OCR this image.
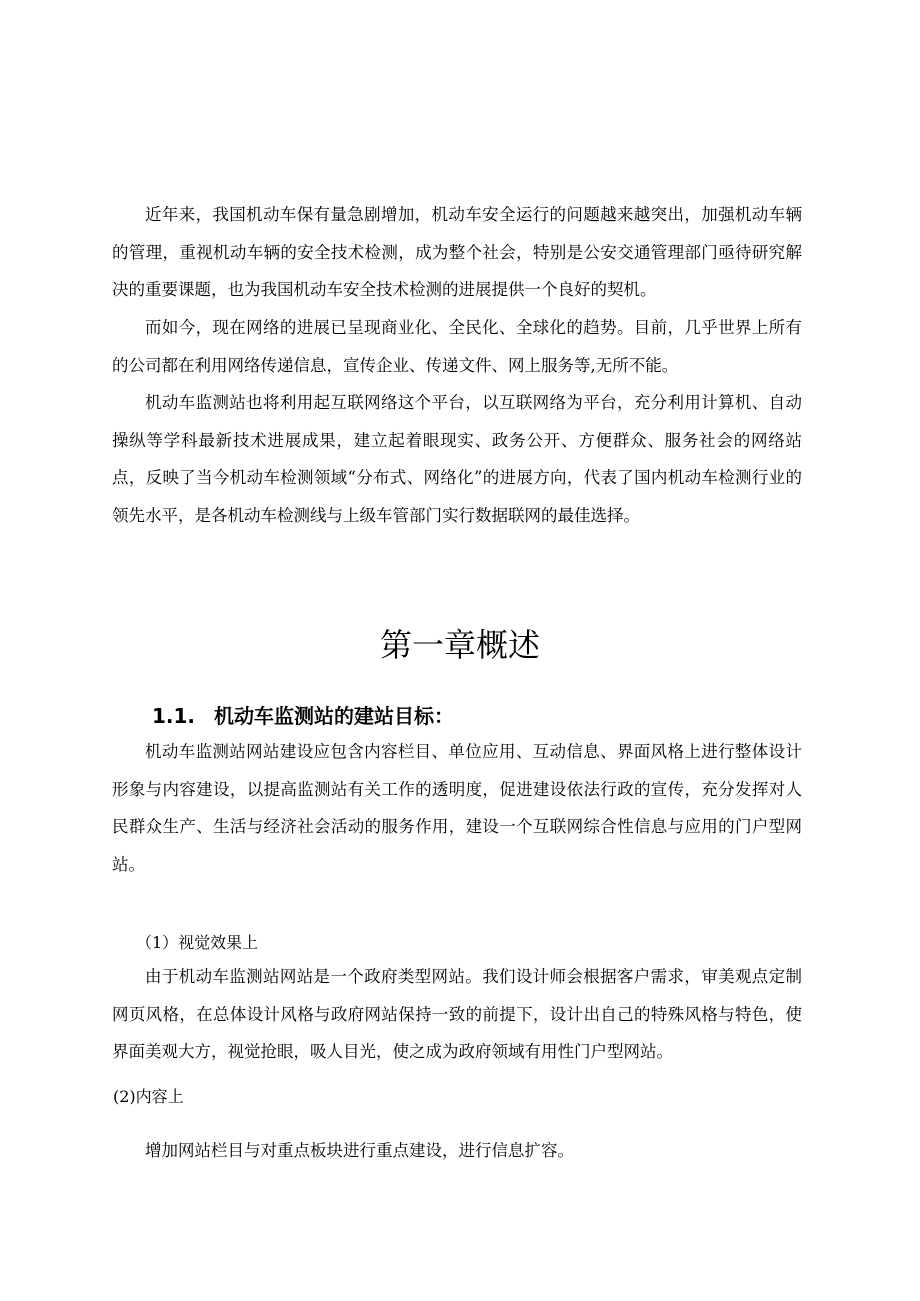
近年来，我国机动车保有量急剧增加，机动车安全运行的问题越来越突出，加强机动车辆的管理，重视机动车辆的安全技术检测，成为整个社会，特别是公安交通管理部门亟待研究解决的重要课题，也为我国机动车安全技术检测的进展提供一个良好的契机。

而如今，现在网络的进展已呈现商业化、全民化、全球化的趋势。目前，几乎世界上所有的公司都在利用网络传递信息，宣传企业、传递文件、网上服务等,无所不能。

机动车监测站也将利用起互联网络这个平台，以互联网络为平台，充分利用计算机、自动操纵等学科最新技术进展成果，建立起着眼现实、政务公开、方便群众、服务社会的网络站点，反映了当今机动车检测领域“分布式、网络化”的进展方向，代表了国内机动车检测行业的领先水平，是各机动车检测线与上级车管部门实行数据联网的最佳选择。

第一章概述
1.1. 机动车监测站的建站目标：

机动车监测站网站建设应包含内容栏目、单位应用、互动信息、界面风格上进行整体设计形象与内容建设，以提高监测站有关工作的透明度，促进建设依法行政的宣传，充分发挥对人民群众生产、生活与经济社会活动的服务作用，建设一个互联网综合性信息与应用的门户型网站。

（1）视觉效果上

由于机动车监测站网站是一个政府类型网站。我们设计师会根据客户需求，审美观点定制网页风格，在总体设计风格与政府网站保持一致的前提下，设计出自己的特殊风格与特色，使界面美观大方，视觉抢眼，吸人目光，使之成为政府领域有用性门户型网站。

(2)内容上

增加网站栏目与对重点板块进行重点建设，进行信息扩容。
